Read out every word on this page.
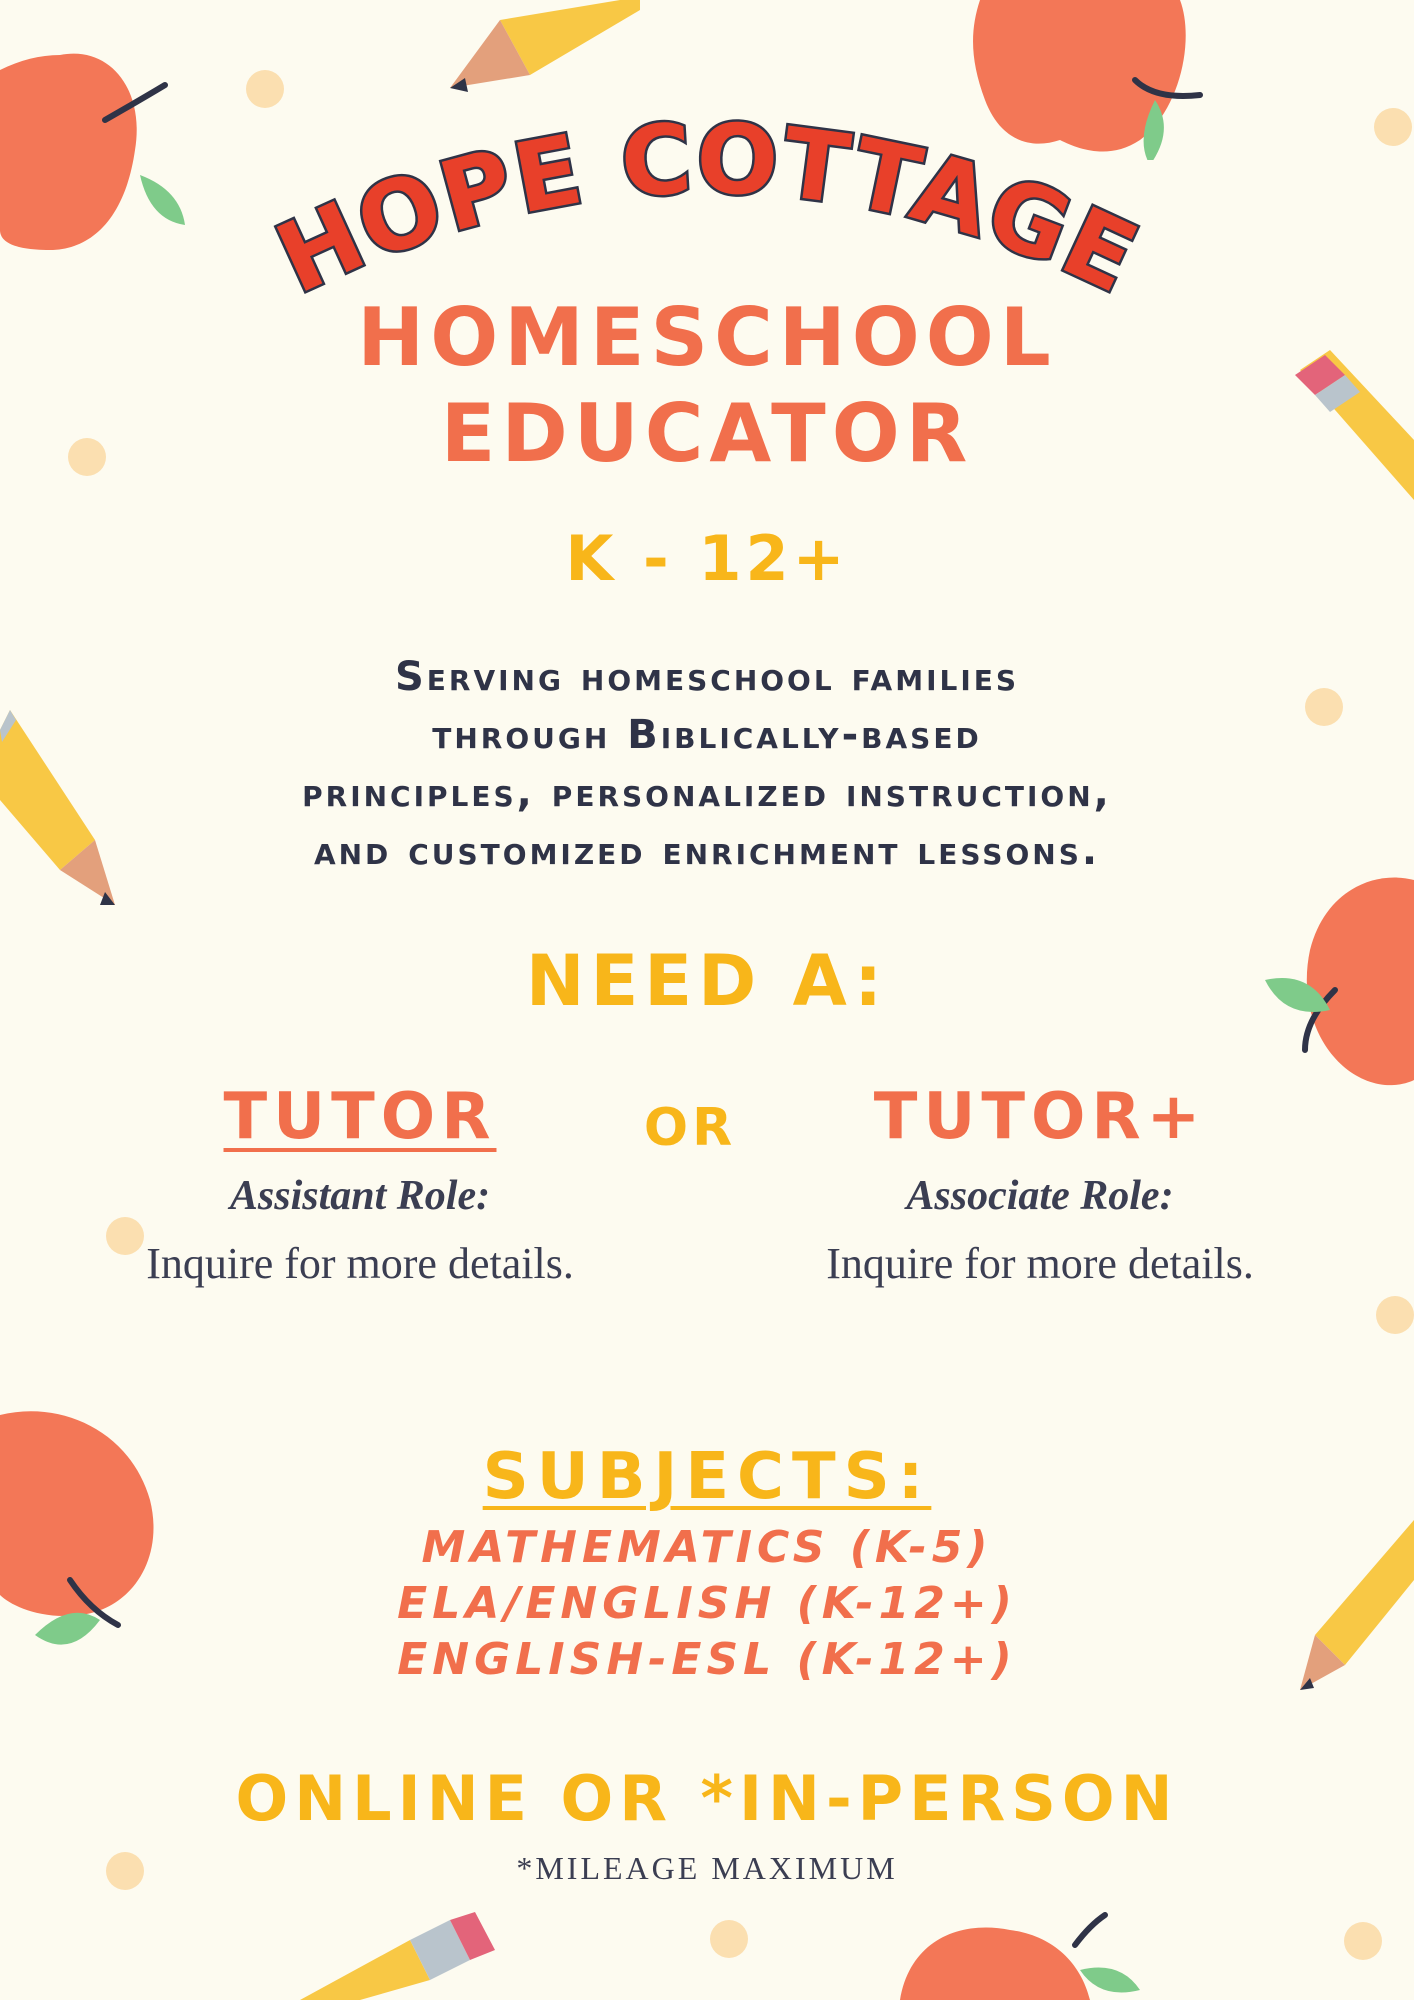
HOPE COTTAGE
HOMESCHOOL
EDUCATOR
K - 12+
Serving homeschool families
through Biblically-based
principles, personalized instruction,
and customized enrichment lessons.
NEED A:
TUTOR
Assistant Role:
Inquire for more details.
OR	TUTOR+
Associate Role:
Inquire for more details.
SUBJECTS:
MATHEMATICS (K-5)
ELA/ENGLISH (K-12+)
ENGLISH-ESL (K-12+)
ONLINE OR *IN-PERSON
*MILEAGE MAXIMUM
